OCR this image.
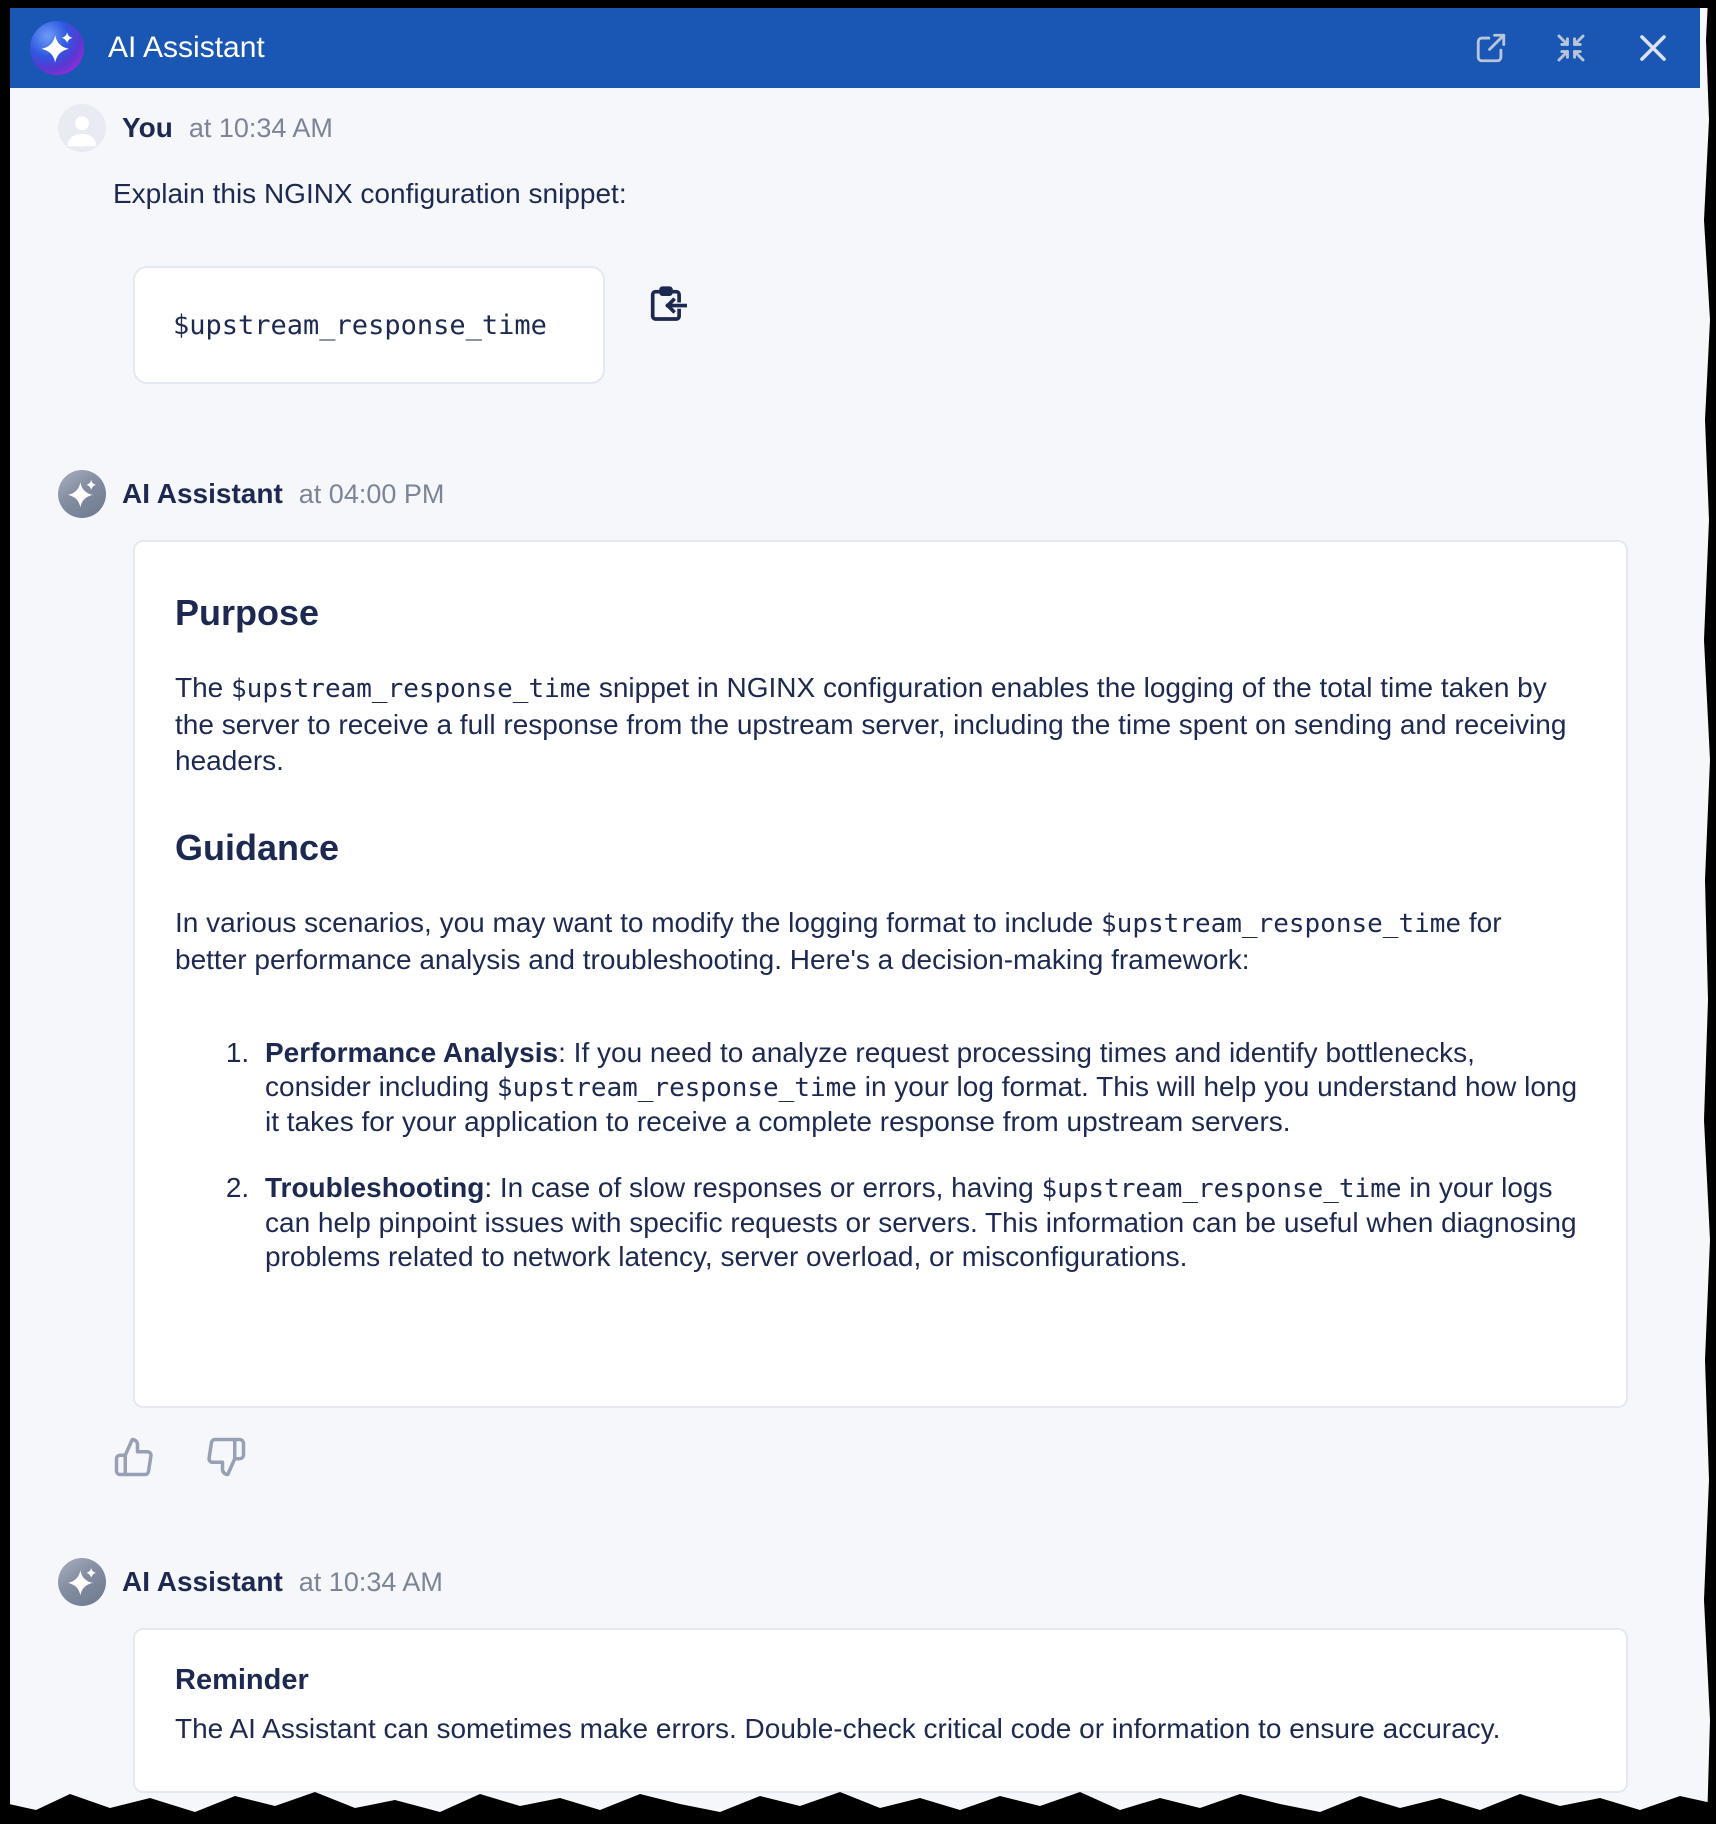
AI Assistant
You at 10:34 AM

Explain this NGINX configuration snippet:

$upstream_response_time
AI Assistant at 04:00 PM
Purpose

The $upstream_response_time snippet in NGINX configuration enables the logging of the total time taken by the server to receive a full response from the upstream server, including the time spent on sending and receiving headers.

Guidance

In various scenarios, you may want to modify the logging format to include $upstream_response_time for better performance analysis and troubleshooting. Here's a decision-making framework:

1. Performance Analysis: If you need to analyze request processing times and identify bottlenecks, consider including $upstream_response_time in your log format. This will help you understand how long it takes for your application to receive a complete response from upstream servers.
2. Troubleshooting: In case of slow responses or errors, having $upstream_response_time in your logs can help pinpoint issues with specific requests or servers. This information can be useful when diagnosing problems related to network latency, server overload, or misconfigurations.
AI Assistant at 10:34 AM
Reminder

The AI Assistant can sometimes make errors. Double-check critical code or information to ensure accuracy.
